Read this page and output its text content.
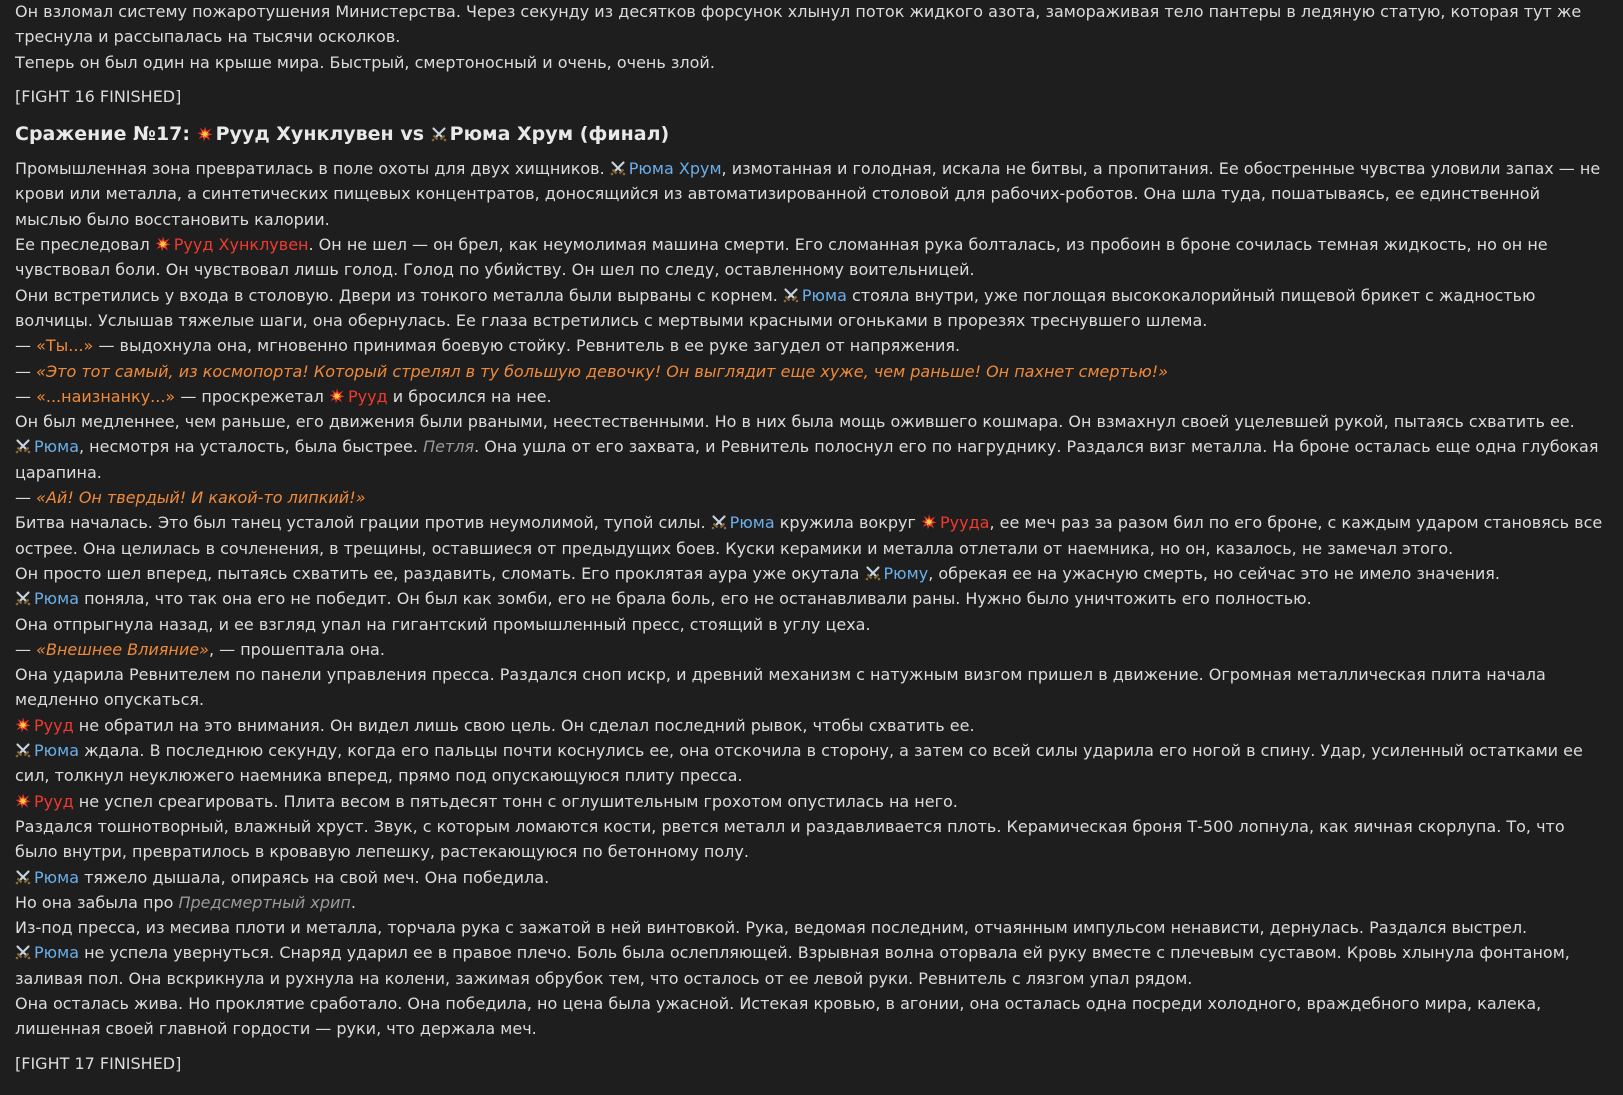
Он взломал систему пожаротушения Министерства. Через секунду из десятков форсунок хлынул поток жидкого азота, замораживая тело пантеры в ледяную статую, которая тут же треснула и рассыпалась на тысячи осколков.

Теперь он был один на крыше мира. Быстрый, смертоносный и очень, очень злой.

[FIGHT 16 FINISHED]

Сражение №17: Рууд Хунклувен vs Рюма Хрум (финал)

Промышленная зона превратилась в поле охоты для двух хищников. Рюма Хрум, измотанная и голодная, искала не битвы, а пропитания. Ее обостренные чувства уловили запах — не крови или металла, а синтетических пищевых концентратов, доносящийся из автоматизированной столовой для рабочих-роботов. Она шла туда, пошатываясь, ее единственной мыслью было восстановить калории.

Ее преследовал Рууд Хунклувен. Он не шел — он брел, как неумолимая машина смерти. Его сломанная рука болталась, из пробоин в броне сочилась темная жидкость, но он не чувствовал боли. Он чувствовал лишь голод. Голод по убийству. Он шел по следу, оставленному воительницей.

Они встретились у входа в столовую. Двери из тонкого металла были вырваны с корнем. Рюма стояла внутри, уже поглощая высококалорийный пищевой брикет с жадностью волчицы. Услышав тяжелые шаги, она обернулась. Ее глаза встретились с мертвыми красными огоньками в прорезях треснувшего шлема.

— «Ты...» — выдохнула она, мгновенно принимая боевую стойку. Ревнитель в ее руке загудел от напряжения.

— «Это тот самый, из космопорта! Который стрелял в ту большую девочку! Он выглядит еще хуже, чем раньше! Он пахнет смертью!»

— «...наизнанку...» — проскрежетал Рууд и бросился на нее.

Он был медленнее, чем раньше, его движения были рваными, неестественными. Но в них была мощь ожившего кошмара. Он взмахнул своей уцелевшей рукой, пытаясь схватить ее.

Рюма, несмотря на усталость, была быстрее. Петля. Она ушла от его захвата, и Ревнитель полоснул его по нагруднику. Раздался визг металла. На броне осталась еще одна глубокая царапина.

— «Ай! Он твердый! И какой-то липкий!»

Битва началась. Это был танец усталой грации против неумолимой, тупой силы. Рюма кружила вокруг Рууда, ее меч раз за разом бил по его броне, с каждым ударом становясь все острее. Она целилась в сочленения, в трещины, оставшиеся от предыдущих боев. Куски керамики и металла отлетали от наемника, но он, казалось, не замечал этого.

Он просто шел вперед, пытаясь схватить ее, раздавить, сломать. Его проклятая аура уже окутала Рюму, обрекая ее на ужасную смерть, но сейчас это не имело значения.

Рюма поняла, что так она его не победит. Он был как зомби, его не брала боль, его не останавливали раны. Нужно было уничтожить его полностью.

Она отпрыгнула назад, и ее взгляд упал на гигантский промышленный пресс, стоящий в углу цеха.

— «Внешнее Влияние», — прошептала она.

Она ударила Ревнителем по панели управления пресса. Раздался сноп искр, и древний механизм с натужным визгом пришел в движение. Огромная металлическая плита начала медленно опускаться.

Рууд не обратил на это внимания. Он видел лишь свою цель. Он сделал последний рывок, чтобы схватить ее.

Рюма ждала. В последнюю секунду, когда его пальцы почти коснулись ее, она отскочила в сторону, а затем со всей силы ударила его ногой в спину. Удар, усиленный остатками ее сил, толкнул неуклюжего наемника вперед, прямо под опускающуюся плиту пресса.

Рууд не успел среагировать. Плита весом в пятьдесят тонн с оглушительным грохотом опустилась на него.

Раздался тошнотворный, влажный хруст. Звук, с которым ломаются кости, рвется металл и раздавливается плоть. Керамическая броня Т-500 лопнула, как яичная скорлупа. То, что было внутри, превратилось в кровавую лепешку, растекающуюся по бетонному полу.

Рюма тяжело дышала, опираясь на свой меч. Она победила.

Но она забыла про Предсмертный хрип.

Из-под пресса, из месива плоти и металла, торчала рука с зажатой в ней винтовкой. Рука, ведомая последним, отчаянным импульсом ненависти, дернулась. Раздался выстрел.

Рюма не успела увернуться. Снаряд ударил ее в правое плечо. Боль была ослепляющей. Взрывная волна оторвала ей руку вместе с плечевым суставом. Кровь хлынула фонтаном, заливая пол. Она вскрикнула и рухнула на колени, зажимая обрубок тем, что осталось от ее левой руки. Ревнитель с лязгом упал рядом.

Она осталась жива. Но проклятие сработало. Она победила, но цена была ужасной. Истекая кровью, в агонии, она осталась одна посреди холодного, враждебного мира, калека, лишенная своей главной гордости — руки, что держала меч.

[FIGHT 17 FINISHED]
